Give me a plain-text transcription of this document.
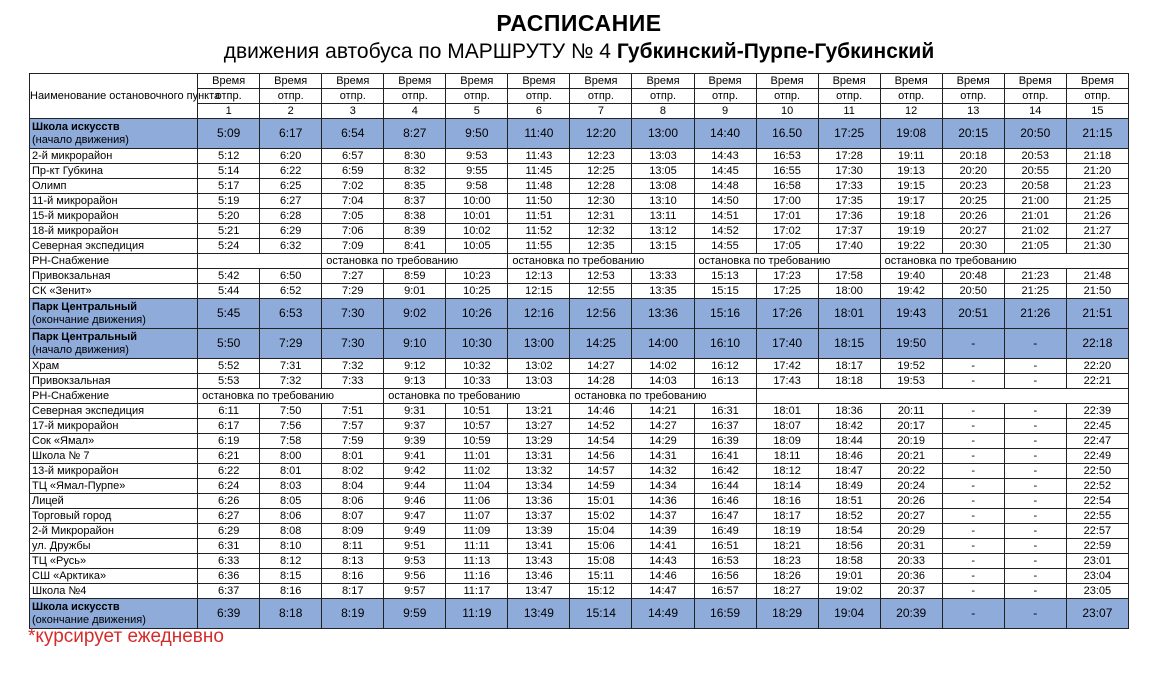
РАСПИСАНИЕ
движения автобуса по МАРШРУТУ № 4 Губкинский-Пурпе-Губкинский
Наименование остановочного пункта	Время	Время	Время	Время	Время	Время	Время	Время	Время	Время	Время	Время	Время	Время	Время
	отпр.	отпр.	отпр.	отпр.	отпр.	отпр.	отпр.	отпр.	отпр.	отпр.	отпр.	отпр.	отпр.	отпр.	отпр.
	1	2	3	4	5	6	7	8	9	10	11	12	13	14	15
Школа искусств
(начало движения)	5:09	6:17	6:54	8:27	9:50	11:40	12:20	13:00	14:40	16.50	17:25	19:08	20:15	20:50	21:15
2-й микрорайон	5:12	6:20	6:57	8:30	9:53	11:43	12:23	13:03	14:43	16:53	17:28	19:11	20:18	20:53	21:18
Пр-кт Губкина	5:14	6:22	6:59	8:32	9:55	11:45	12:25	13:05	14:45	16:55	17:30	19:13	20:20	20:55	21:20
Олимп	5:17	6:25	7:02	8:35	9:58	11:48	12:28	13:08	14:48	16:58	17:33	19:15	20:23	20:58	21:23
11-й микрорайон	5:19	6:27	7:04	8:37	10:00	11:50	12:30	13:10	14:50	17:00	17:35	19:17	20:25	21:00	21:25
15-й микрорайон	5:20	6:28	7:05	8:38	10:01	11:51	12:31	13:11	14:51	17:01	17:36	19:18	20:26	21:01	21:26
18-й микрорайон	5:21	6:29	7:06	8:39	10:02	11:52	12:32	13:12	14:52	17:02	17:37	19:19	20:27	21:02	21:27
Северная экспедиция	5:24	6:32	7:09	8:41	10:05	11:55	12:35	13:15	14:55	17:05	17:40	19:22	20:30	21:05	21:30
РН-Снабжение			остановка по требованию			остановка по требованию			остановка по требованию			остановка по требованию			
Привокзальная	5:42	6:50	7:27	8:59	10:23	12:13	12:53	13:33	15:13	17:23	17:58	19:40	20:48	21:23	21:48
СК «Зенит»	5:44	6:52	7:29	9:01	10:25	12:15	12:55	13:35	15:15	17:25	18:00	19:42	20:50	21:25	21:50
Парк Центральный
(окончание движения)	5:45	6:53	7:30	9:02	10:26	12:16	12:56	13:36	15:16	17:26	18:01	19:43	20:51	21:26	21:51
Парк Центральный
(начало движения)	5:50	7:29	7:30	9:10	10:30	13:00	14:25	14:00	16:10	17:40	18:15	19:50	-	-	22:18
Храм	5:52	7:31	7:32	9:12	10:32	13:02	14:27	14:02	16:12	17:42	18:17	19:52	-	-	22:20
Привокзальная	5:53	7:32	7:33	9:13	10:33	13:03	14:28	14:03	16:13	17:43	18:18	19:53	-	-	22:21
РН-Снабжение	остановка по требованию			остановка по требованию			остановка по требованию								
Северная экспедиция	6:11	7:50	7:51	9:31	10:51	13:21	14:46	14:21	16:31	18:01	18:36	20:11	-	-	22:39
17-й микрорайон	6:17	7:56	7:57	9:37	10:57	13:27	14:52	14:27	16:37	18:07	18:42	20:17	-	-	22:45
Сок «Ямал»	6:19	7:58	7:59	9:39	10:59	13:29	14:54	14:29	16:39	18:09	18:44	20:19	-	-	22:47
Школа № 7	6:21	8:00	8:01	9:41	11:01	13:31	14:56	14:31	16:41	18:11	18:46	20:21	-	-	22:49
13-й микрорайон	6:22	8:01	8:02	9:42	11:02	13:32	14:57	14:32	16:42	18:12	18:47	20:22	-	-	22:50
ТЦ «Ямал-Пурпе»	6:24	8:03	8:04	9:44	11:04	13:34	14:59	14:34	16:44	18:14	18:49	20:24	-	-	22:52
Лицей	6:26	8:05	8:06	9:46	11:06	13:36	15:01	14:36	16:46	18:16	18:51	20:26	-	-	22:54
Торговый город	6:27	8:06	8:07	9:47	11:07	13:37	15:02	14:37	16:47	18:17	18:52	20:27	-	-	22:55
2-й Микрорайон	6:29	8:08	8:09	9:49	11:09	13:39	15:04	14:39	16:49	18:19	18:54	20:29	-	-	22:57
ул. Дружбы	6:31	8:10	8:11	9:51	11:11	13:41	15:06	14:41	16:51	18:21	18:56	20:31	-	-	22:59
ТЦ «Русь»	6:33	8:12	8:13	9:53	11:13	13:43	15:08	14:43	16:53	18:23	18:58	20:33	-	-	23:01
СШ «Арктика»	6:36	8:15	8:16	9:56	11:16	13:46	15:11	14:46	16:56	18:26	19:01	20:36	-	-	23:04
Школа №4	6:37	8:16	8:17	9:57	11:17	13:47	15:12	14:47	16:57	18:27	19:02	20:37	-	-	23:05
Школа искусств
(окончание движения)	6:39	8:18	8:19	9:59	11:19	13:49	15:14	14:49	16:59	18:29	19:04	20:39	-	-	23:07
*курсирует ежедневно
